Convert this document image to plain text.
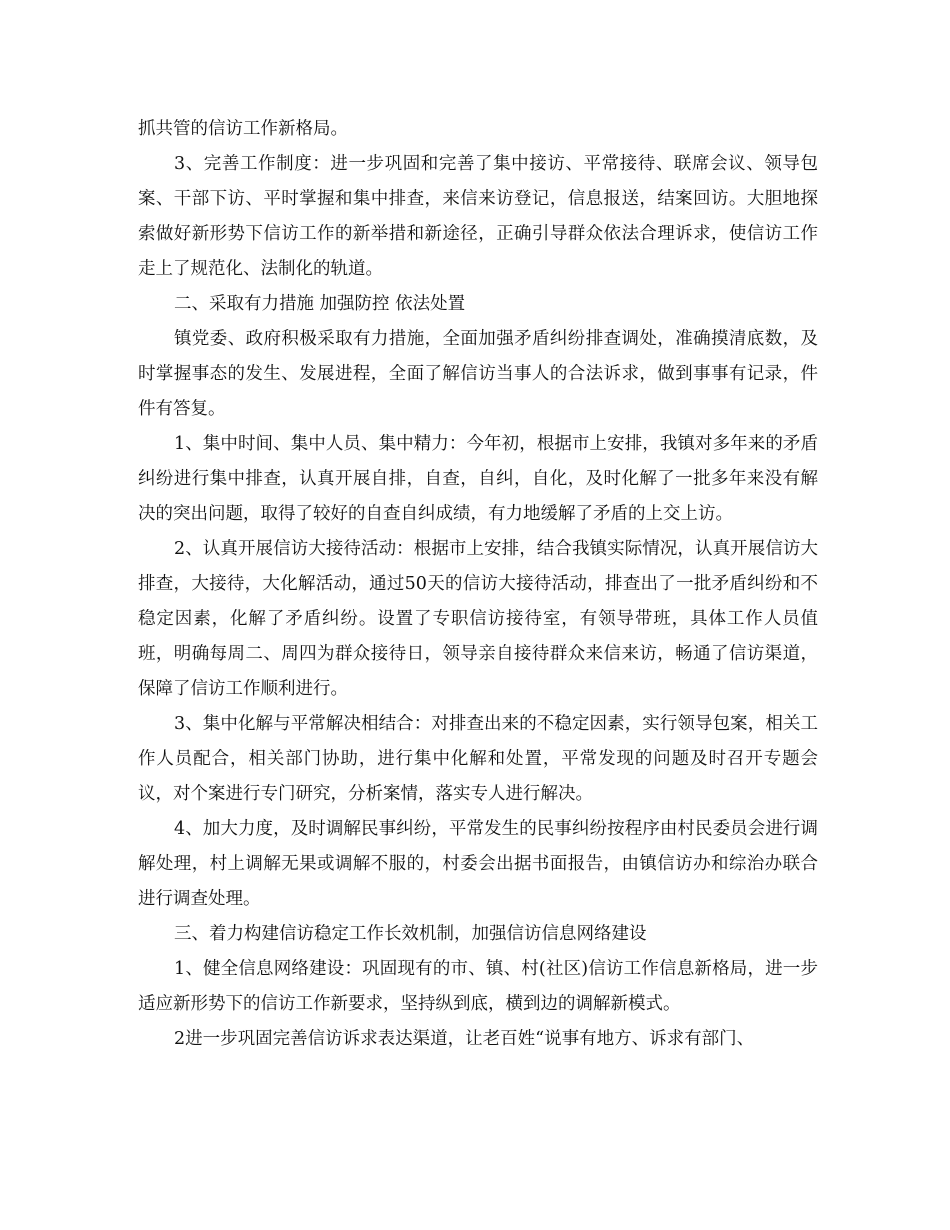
抓共管的信访工作新格局。

3、完善工作制度：进一步巩固和完善了集中接访、平常接待、联席会议、领导包案、干部下访、平时掌握和集中排查，来信来访登记，信息报送，结案回访。大胆地探索做好新形势下信访工作的新举措和新途径，正确引导群众依法合理诉求，使信访工作走上了规范化、法制化的轨道。

二、采取有力措施 加强防控 依法处置

镇党委、政府积极采取有力措施，全面加强矛盾纠纷排查调处，准确摸清底数，及时掌握事态的发生、发展进程，全面了解信访当事人的合法诉求，做到事事有记录，件件有答复。

1、集中时间、集中人员、集中精力：今年初，根据市上安排，我镇对多年来的矛盾纠纷进行集中排查，认真开展自排，自查，自纠，自化，及时化解了一批多年来没有解决的突出问题，取得了较好的自查自纠成绩，有力地缓解了矛盾的上交上访。

2、认真开展信访大接待活动：根据市上安排，结合我镇实际情况，认真开展信访大排查，大接待，大化解活动，通过50天的信访大接待活动，排查出了一批矛盾纠纷和不稳定因素，化解了矛盾纠纷。设置了专职信访接待室，有领导带班，具体工作人员值班，明确每周二、周四为群众接待日，领导亲自接待群众来信来访，畅通了信访渠道，保障了信访工作顺利进行。

3、集中化解与平常解决相结合：对排查出来的不稳定因素，实行领导包案，相关工作人员配合，相关部门协助，进行集中化解和处置，平常发现的问题及时召开专题会议，对个案进行专门研究，分析案情，落实专人进行解决。

4、加大力度，及时调解民事纠纷，平常发生的民事纠纷按程序由村民委员会进行调解处理，村上调解无果或调解不服的，村委会出据书面报告，由镇信访办和综治办联合进行调查处理。

三、着力构建信访稳定工作长效机制，加强信访信息网络建设

1、健全信息网络建设：巩固现有的市、镇、村(社区)信访工作信息新格局，进一步适应新形势下的信访工作新要求，坚持纵到底，横到边的调解新模式。

2进一步巩固完善信访诉求表达渠道，让老百姓“说事有地方、诉求有部门、
